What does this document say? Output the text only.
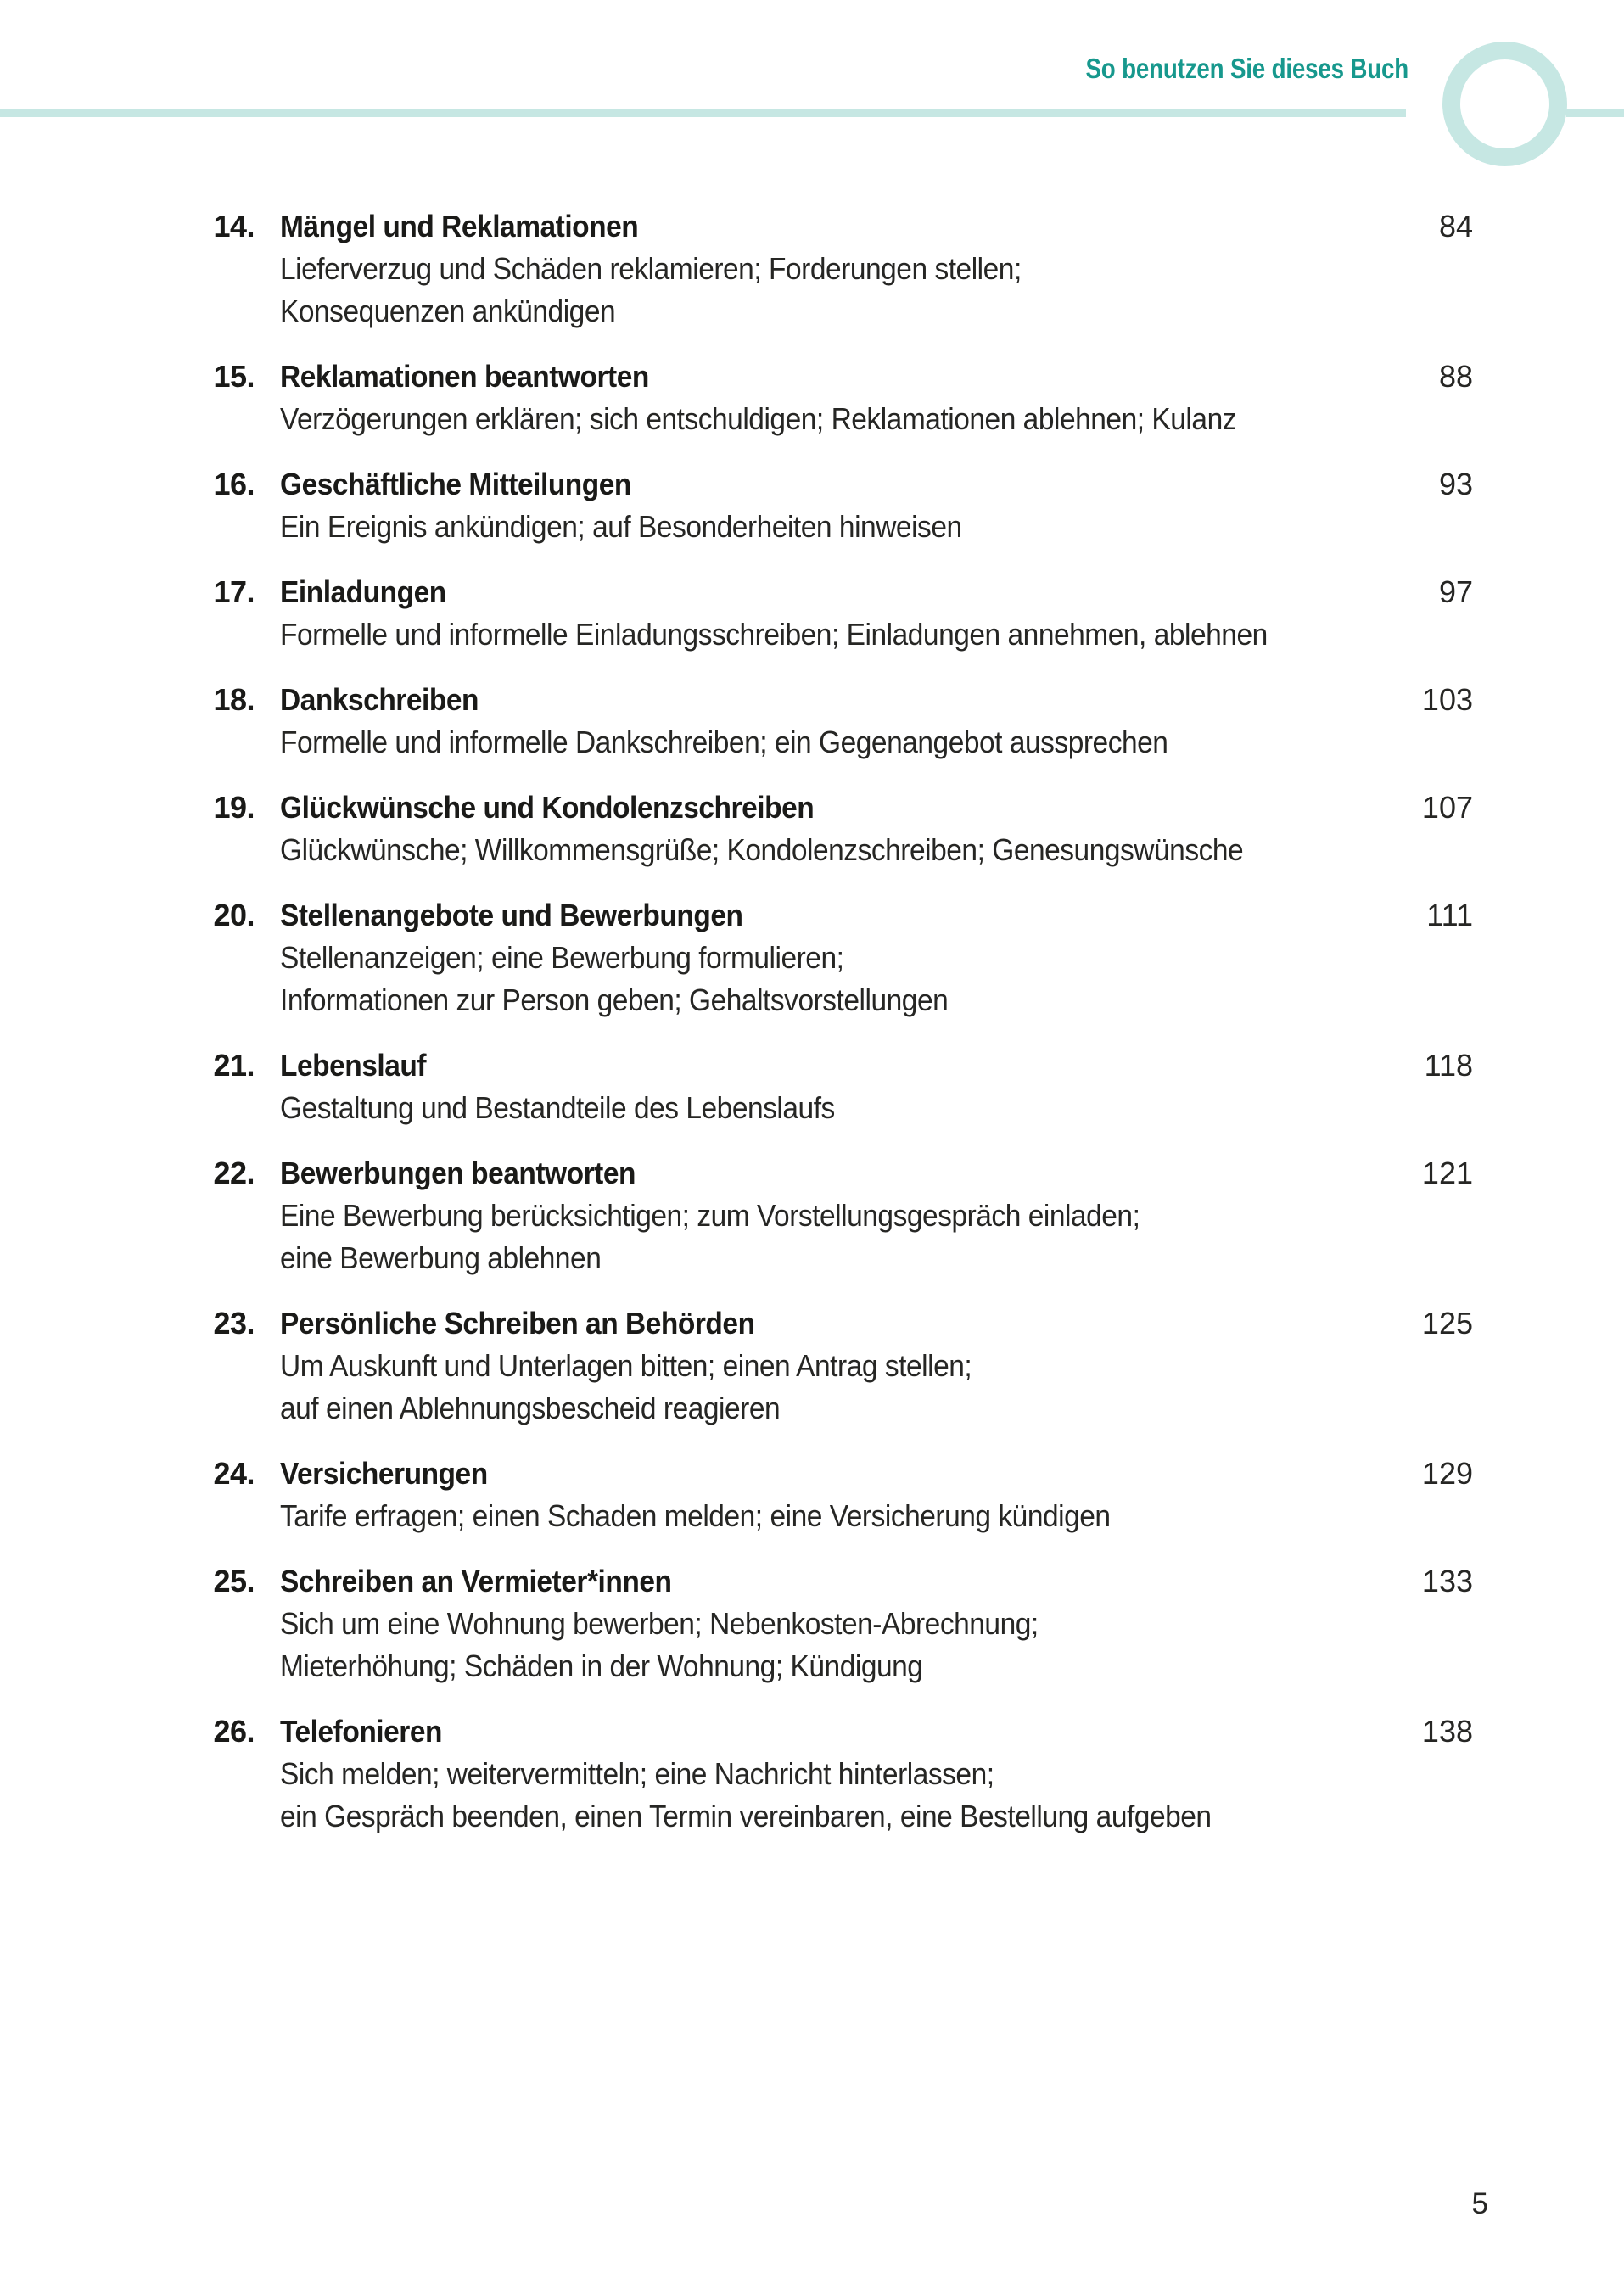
So benutzen Sie dieses Buch
14. Mängel und Reklamationen
Lieferverzug und Schäden reklamieren; Forderungen stellen;
Konsequenzen ankündigen
84
15. Reklamationen beantworten
Verzögerungen erklären; sich entschuldigen; Reklamationen ablehnen; Kulanz
88
16. Geschäftliche Mitteilungen
Ein Ereignis ankündigen; auf Besonderheiten hinweisen
93
17. Einladungen
Formelle und informelle Einladungsschreiben; Einladungen annehmen, ablehnen
97
18. Dankschreiben
Formelle und informelle Dankschreiben; ein Gegenangebot aussprechen
103
19. Glückwünsche und Kondolenzschreiben
Glückwünsche; Willkommensgrüße; Kondolenzschreiben; Genesungswünsche
107
20. Stellenangebote und Bewerbungen
Stellenanzeigen; eine Bewerbung formulieren;
Informationen zur Person geben; Gehaltsvorstellungen
111
21. Lebenslauf
Gestaltung und Bestandteile des Lebenslaufs
118
22. Bewerbungen beantworten
Eine Bewerbung berücksichtigen; zum Vorstellungsgespräch einladen;
eine Bewerbung ablehnen
121
23. Persönliche Schreiben an Behörden
Um Auskunft und Unterlagen bitten; einen Antrag stellen;
auf einen Ablehnungsbescheid reagieren
125
24. Versicherungen
Tarife erfragen; einen Schaden melden; eine Versicherung kündigen
129
25. Schreiben an Vermieter*innen
Sich um eine Wohnung bewerben; Nebenkosten-Abrechnung;
Mieterhöhung; Schäden in der Wohnung; Kündigung
133
26. Telefonieren
Sich melden; weitervermitteln; eine Nachricht hinterlassen;
ein Gespräch beenden, einen Termin vereinbaren, eine Bestellung aufgeben
138
5
